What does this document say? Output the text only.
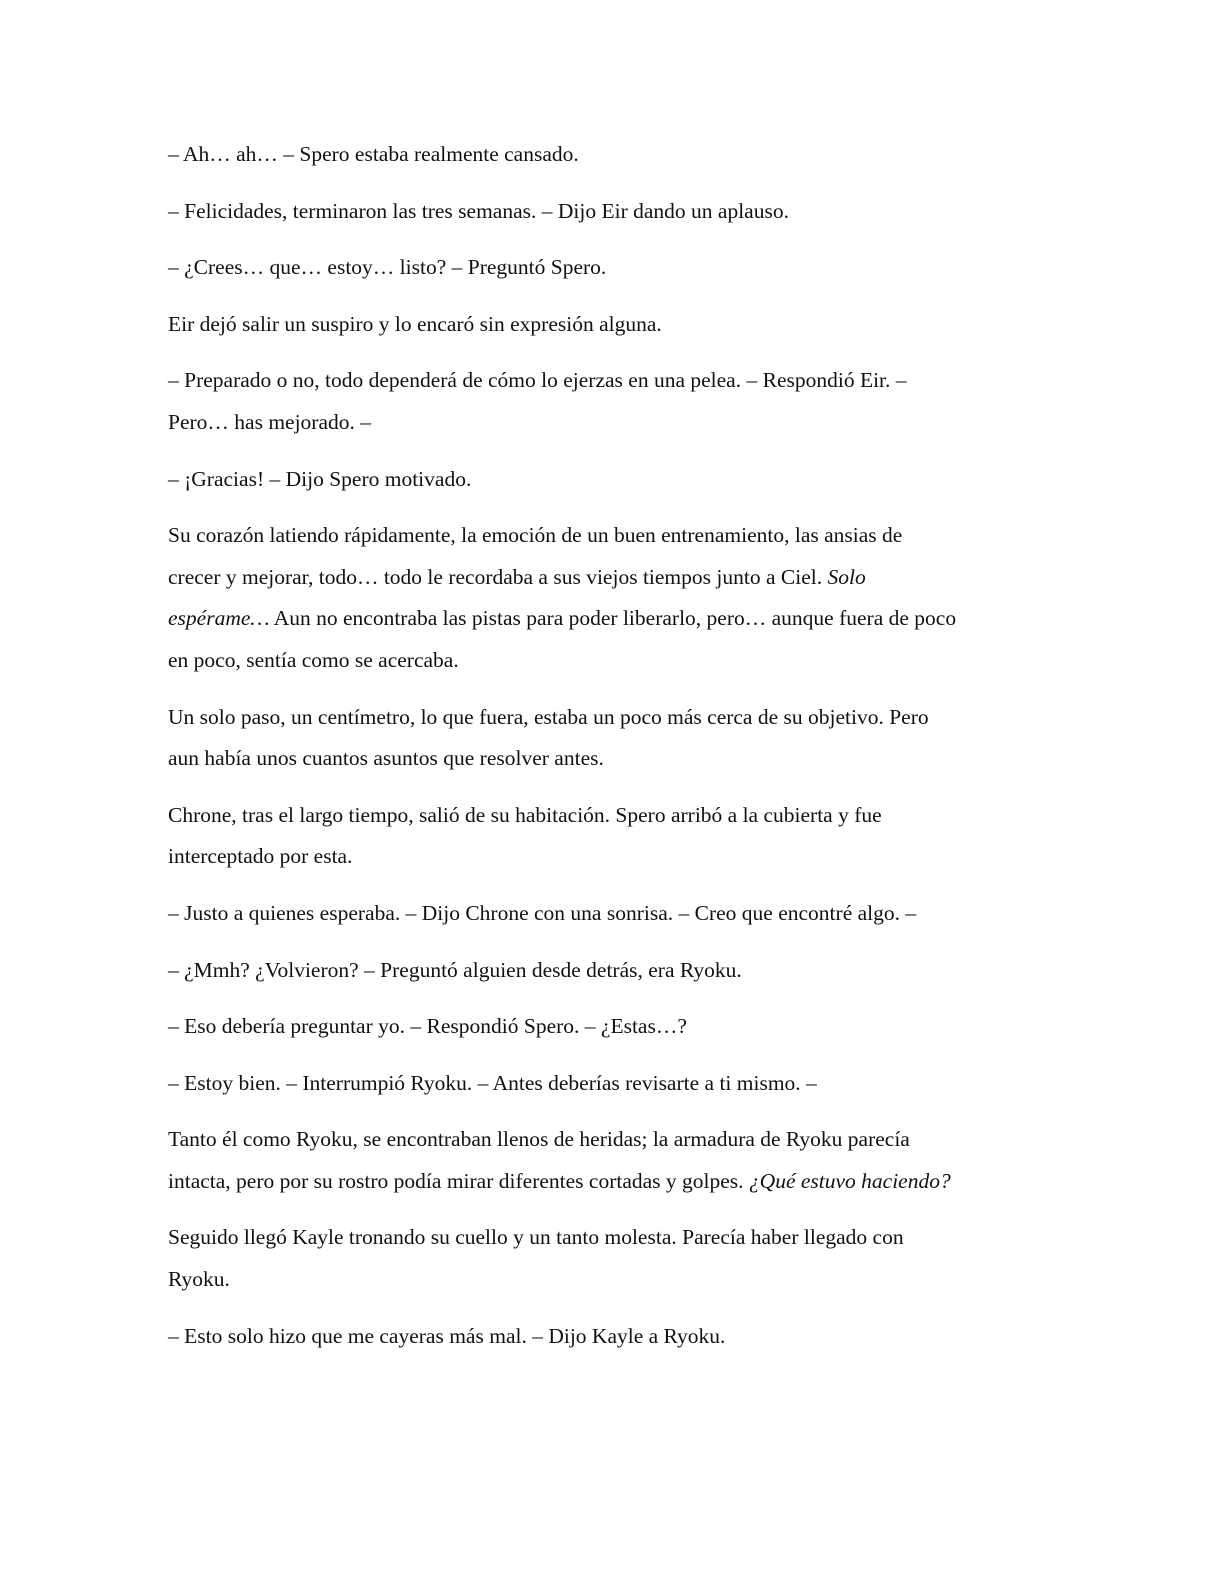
– Ah… ah… – Spero estaba realmente cansado.

– Felicidades, terminaron las tres semanas. – Dijo Eir dando un aplauso.

– ¿Crees… que… estoy… listo? – Preguntó Spero.

Eir dejó salir un suspiro y lo encaró sin expresión alguna.

– Preparado o no, todo dependerá de cómo lo ejerzas en una pelea. – Respondió Eir. –
Pero… has mejorado. –

– ¡Gracias! – Dijo Spero motivado.

Su corazón latiendo rápidamente, la emoción de un buen entrenamiento, las ansias de
crecer y mejorar, todo… todo le recordaba a sus viejos tiempos junto a Ciel. Solo
espérame… Aun no encontraba las pistas para poder liberarlo, pero… aunque fuera de poco
en poco, sentía como se acercaba.

Un solo paso, un centímetro, lo que fuera, estaba un poco más cerca de su objetivo. Pero
aun había unos cuantos asuntos que resolver antes.

Chrone, tras el largo tiempo, salió de su habitación. Spero arribó a la cubierta y fue
interceptado por esta.

– Justo a quienes esperaba. – Dijo Chrone con una sonrisa. – Creo que encontré algo. –

– ¿Mmh? ¿Volvieron? – Preguntó alguien desde detrás, era Ryoku.

– Eso debería preguntar yo. – Respondió Spero. – ¿Estas…?

– Estoy bien. – Interrumpió Ryoku. – Antes deberías revisarte a ti mismo. –

Tanto él como Ryoku, se encontraban llenos de heridas; la armadura de Ryoku parecía
intacta, pero por su rostro podía mirar diferentes cortadas y golpes. ¿Qué estuvo haciendo?

Seguido llegó Kayle tronando su cuello y un tanto molesta. Parecía haber llegado con
Ryoku.

– Esto solo hizo que me cayeras más mal. – Dijo Kayle a Ryoku.
